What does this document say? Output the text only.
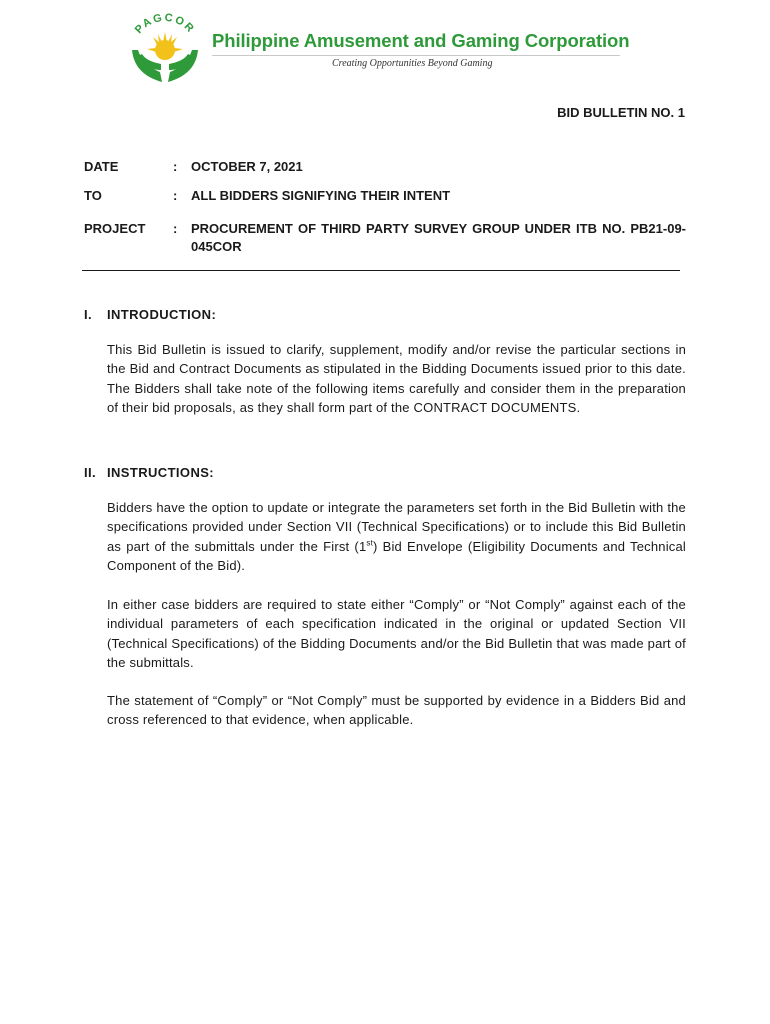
PAGCOR
Philippine Amusement and Gaming Corporation
Creating Opportunities Beyond Gaming
BID BULLETIN NO. 1
DATE	: OCTOBER 7, 2021
TO	: ALL BIDDERS SIGNIFYING THEIR INTENT
PROJECT : PROCUREMENT OF THIRD PARTY SURVEY GROUP UNDER ITB NO. PB21-09-045COR
I. INTRODUCTION:
This Bid Bulletin is issued to clarify, supplement, modify and/or revise the particular sections in the Bid and Contract Documents as stipulated in the Bidding Documents issued prior to this date. The Bidders shall take note of the following items carefully and consider them in the preparation of their bid proposals, as they shall form part of the CONTRACT DOCUMENTS.
II. INSTRUCTIONS:
Bidders have the option to update or integrate the parameters set forth in the Bid Bulletin with the specifications provided under Section VII (Technical Specifications) or to include this Bid Bulletin as part of the submittals under the First (1st) Bid Envelope (Eligibility Documents and Technical Component of the Bid).
In either case bidders are required to state either “Comply” or “Not Comply” against each of the individual parameters of each specification indicated in the original or updated Section VII (Technical Specifications) of the Bidding Documents and/or the Bid Bulletin that was made part of the submittals.
The statement of “Comply” or “Not Comply” must be supported by evidence in a Bidders Bid and cross referenced to that evidence, when applicable.
